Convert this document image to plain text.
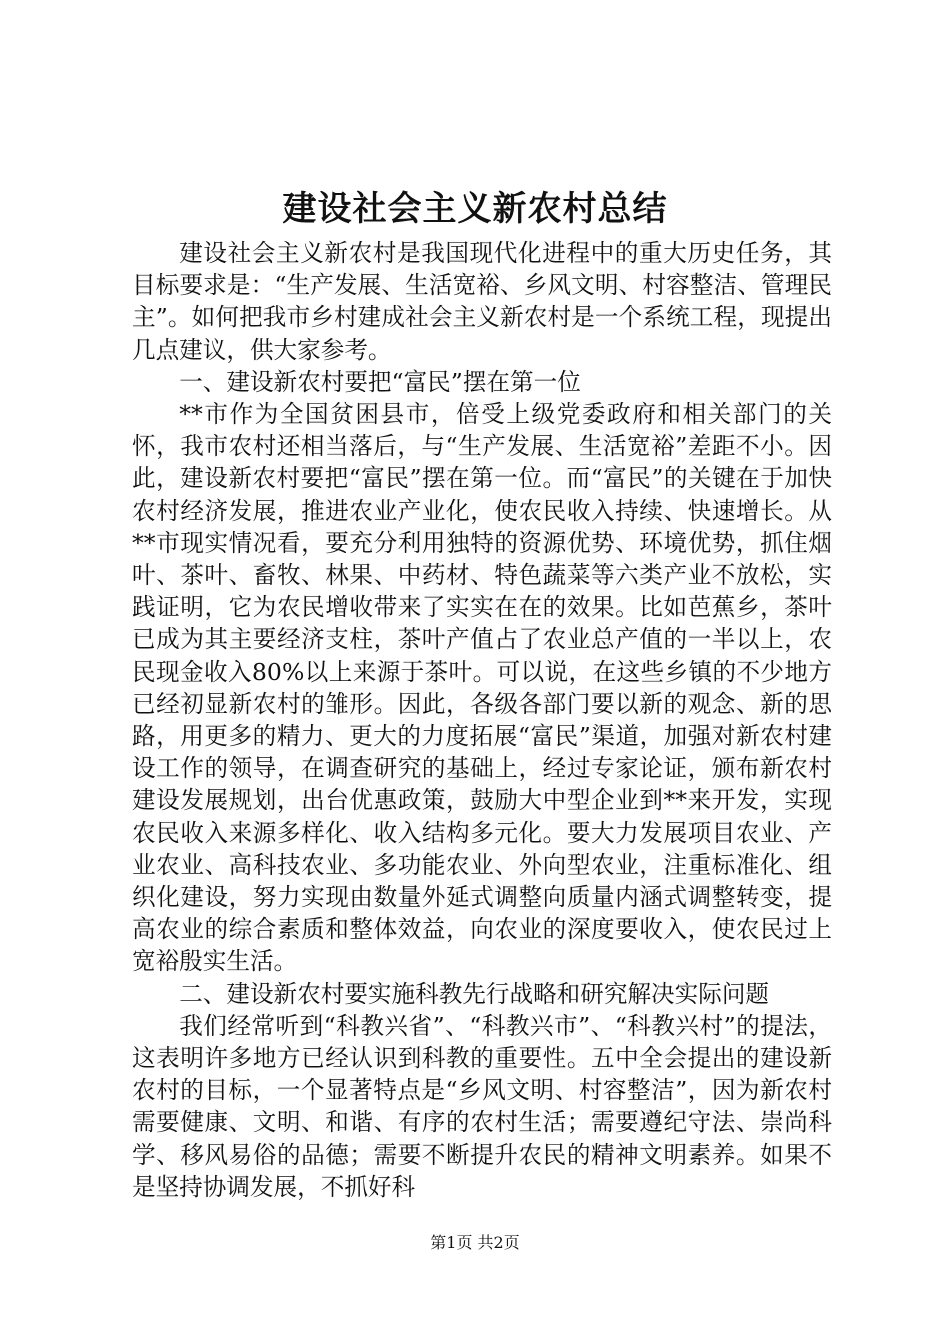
建设社会主义新农村总结

建设社会主义新农村是我国现代化进程中的重大历史任务，其目标要求是：“生产发展、生活宽裕、乡风文明、村容整洁、管理民主”。如何把我市乡村建成社会主义新农村是一个系统工程，现提出几点建议，供大家参考。

一、建设新农村要把“富民”摆在第一位

**市作为全国贫困县市，倍受上级党委政府和相关部门的关怀，我市农村还相当落后，与“生产发展、生活宽裕”差距不小。因此，建设新农村要把“富民”摆在第一位。而“富民”的关键在于加快农村经济发展，推进农业产业化，使农民收入持续、快速增长。从**市现实情况看，要充分利用独特的资源优势、环境优势，抓住烟叶、茶叶、畜牧、林果、中药材、特色蔬菜等六类产业不放松，实践证明，它为农民增收带来了实实在在的效果。比如芭蕉乡，茶叶已成为其主要经济支柱，茶叶产值占了农业总产值的一半以上，农民现金收入80%以上来源于茶叶。可以说，在这些乡镇的不少地方已经初显新农村的雏形。因此，各级各部门要以新的观念、新的思路，用更多的精力、更大的力度拓展“富民”渠道，加强对新农村建设工作的领导，在调查研究的基础上，经过专家论证，颁布新农村建设发展规划，出台优惠政策，鼓励大中型企业到**来开发，实现农民收入来源多样化、收入结构多元化。要大力发展项目农业、产业农业、高科技农业、多功能农业、外向型农业，注重标准化、组织化建设，努力实现由数量外延式调整向质量内涵式调整转变，提高农业的综合素质和整体效益，向农业的深度要收入，使农民过上宽裕殷实生活。

二、建设新农村要实施科教先行战略和研究解决实际问题

我们经常听到“科教兴省”、“科教兴市”、“科教兴村”的提法，这表明许多地方已经认识到科教的重要性。五中全会提出的建设新农村的目标，一个显著特点是“乡风文明、村容整洁”，因为新农村需要健康、文明、和谐、有序的农村生活；需要遵纪守法、崇尚科学、移风易俗的品德；需要不断提升农民的精神文明素养。如果不是坚持协调发展，不抓好科

第1页 共2页
